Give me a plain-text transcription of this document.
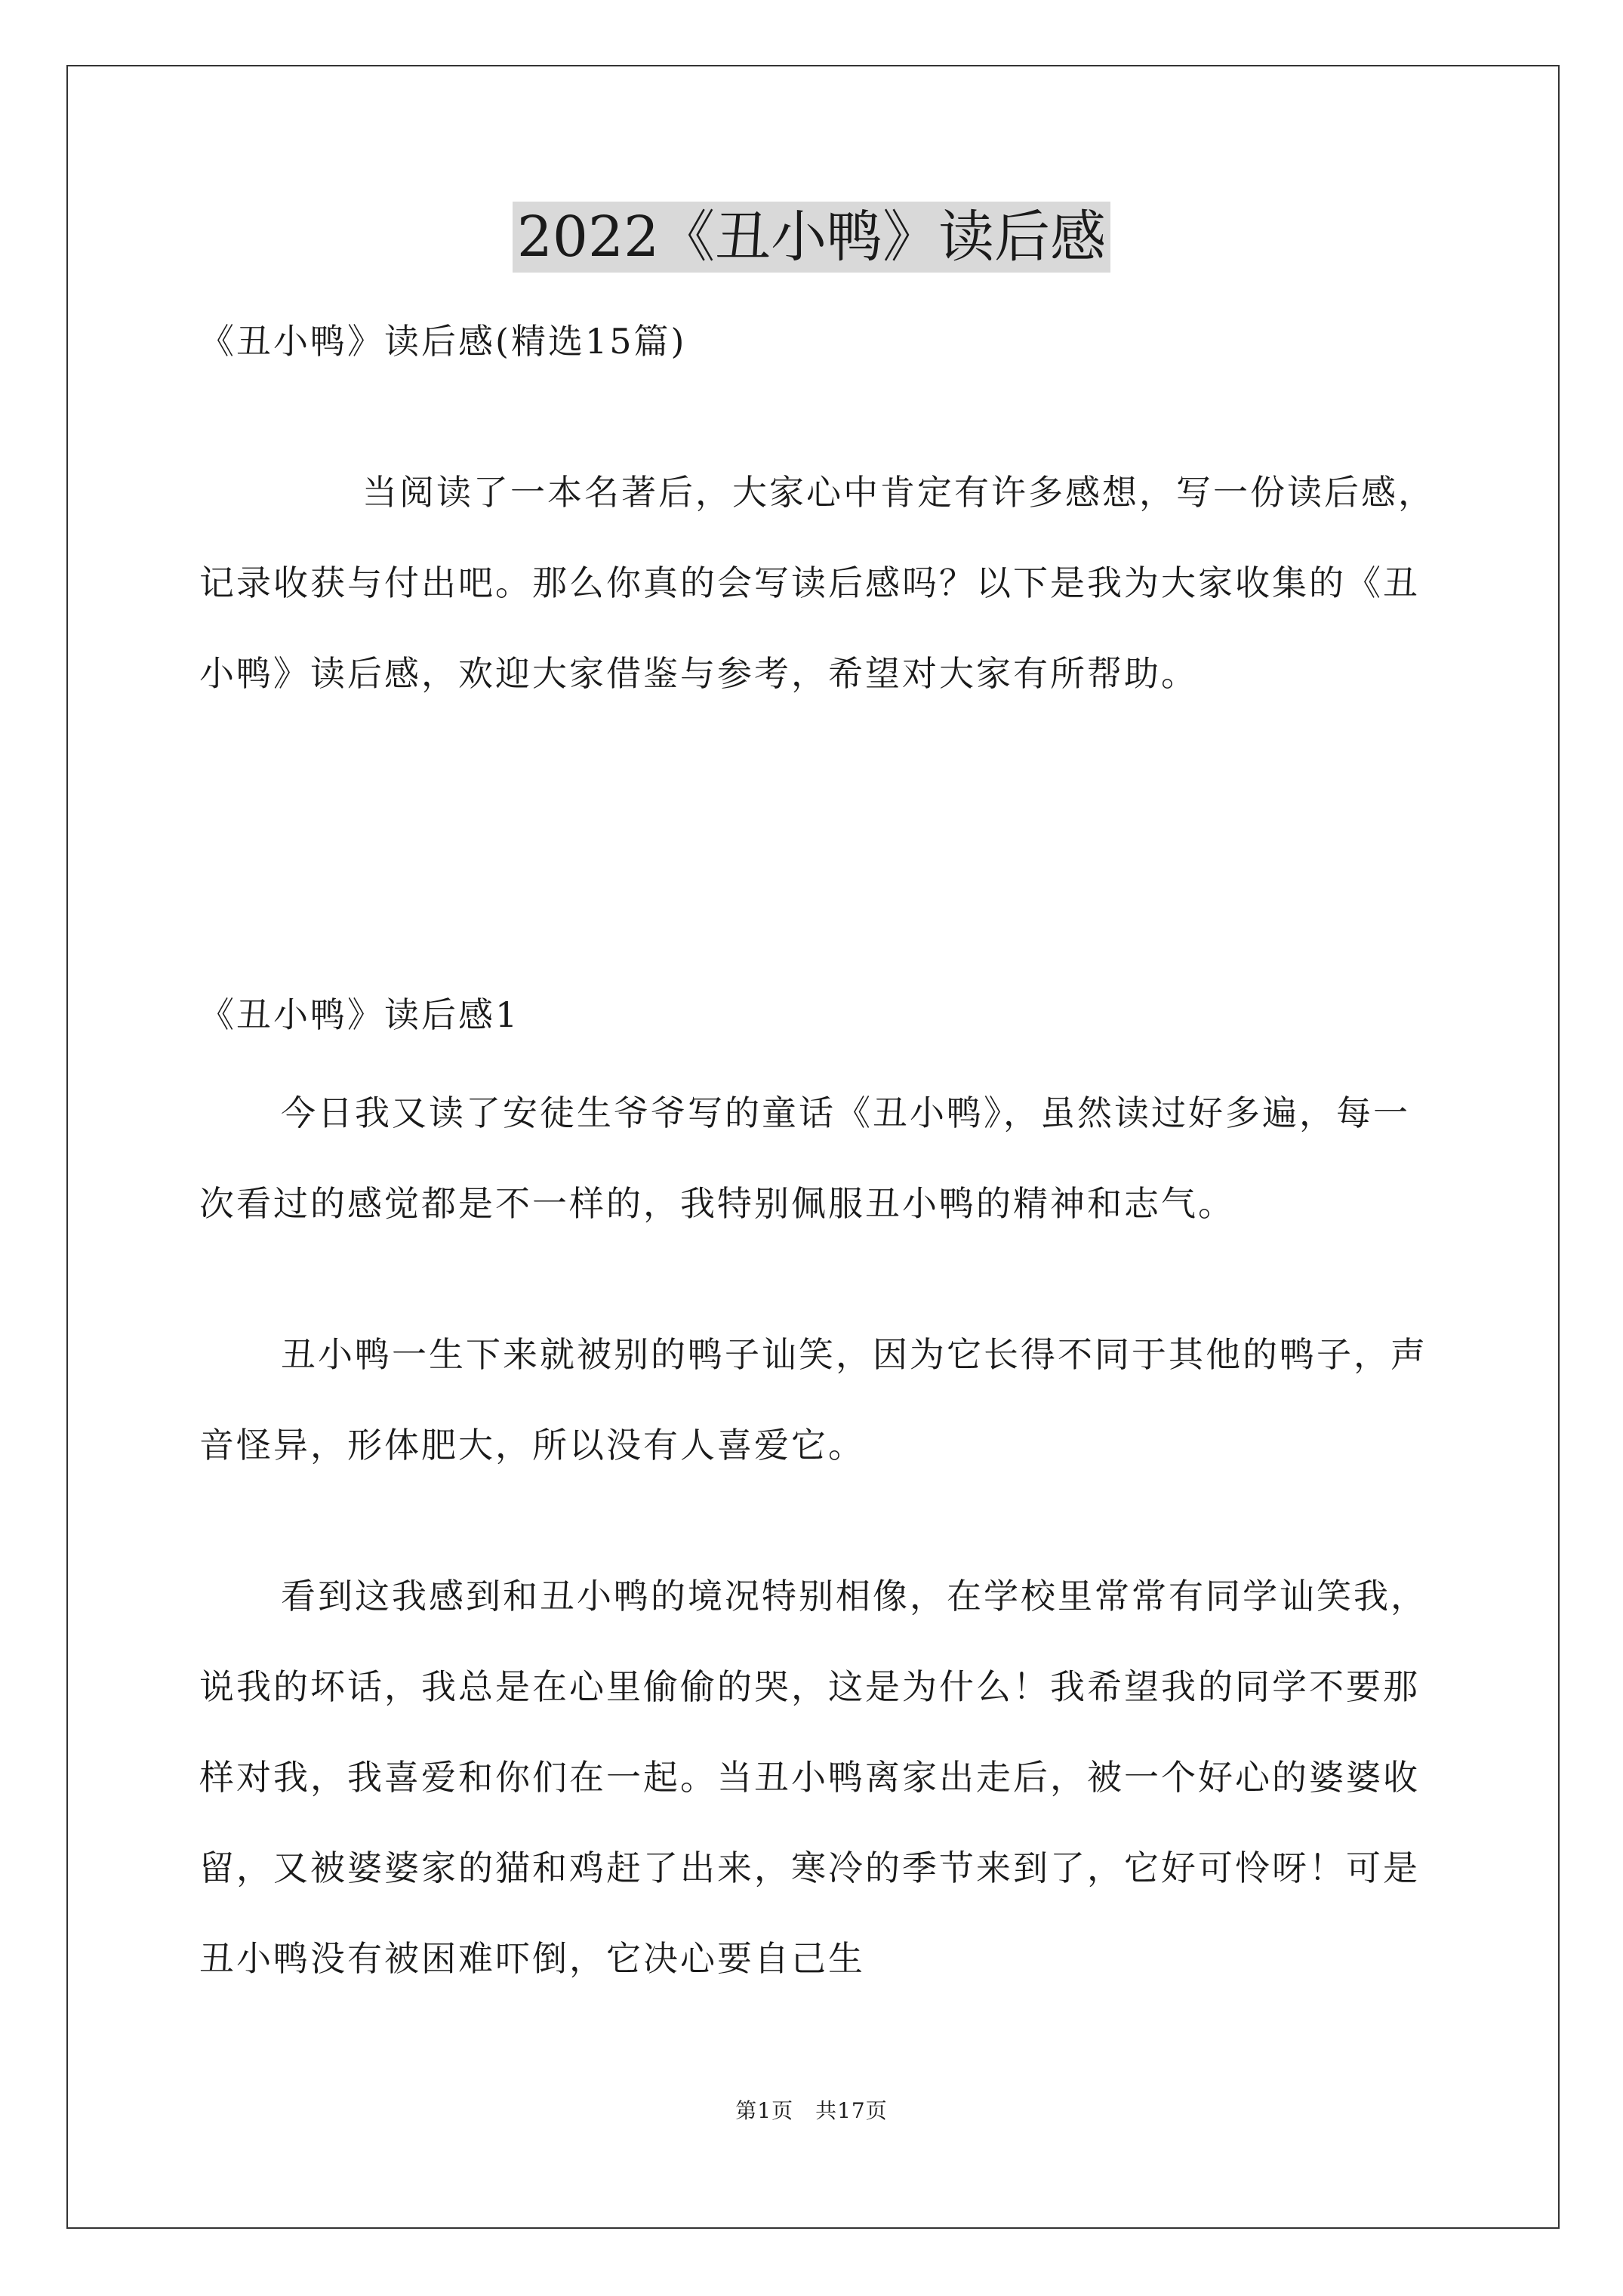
2022《丑小鸭》读后感

《丑小鸭》读后感(精选15篇)

当阅读了一本名著后，大家心中肯定有许多感想，写一份读后感，记录收获与付出吧。那么你真的会写读后感吗？以下是我为大家收集的《丑小鸭》读后感，欢迎大家借鉴与参考，希望对大家有所帮助。

《丑小鸭》读后感1

今日我又读了安徒生爷爷写的童话《丑小鸭》，虽然读过好多遍，每一次看过的感觉都是不一样的，我特别佩服丑小鸭的精神和志气。

丑小鸭一生下来就被别的鸭子讪笑，因为它长得不同于其他的鸭子，声音怪异，形体肥大，所以没有人喜爱它。

看到这我感到和丑小鸭的境况特别相像，在学校里常常有同学讪笑我，说我的坏话，我总是在心里偷偷的哭，这是为什么！我希望我的同学不要那样对我，我喜爱和你们在一起。当丑小鸭离家出走后，被一个好心的婆婆收留，又被婆婆家的猫和鸡赶了出来，寒冷的季节来到了，它好可怜呀！可是丑小鸭没有被困难吓倒，它决心要自己生

第1页　共17页
